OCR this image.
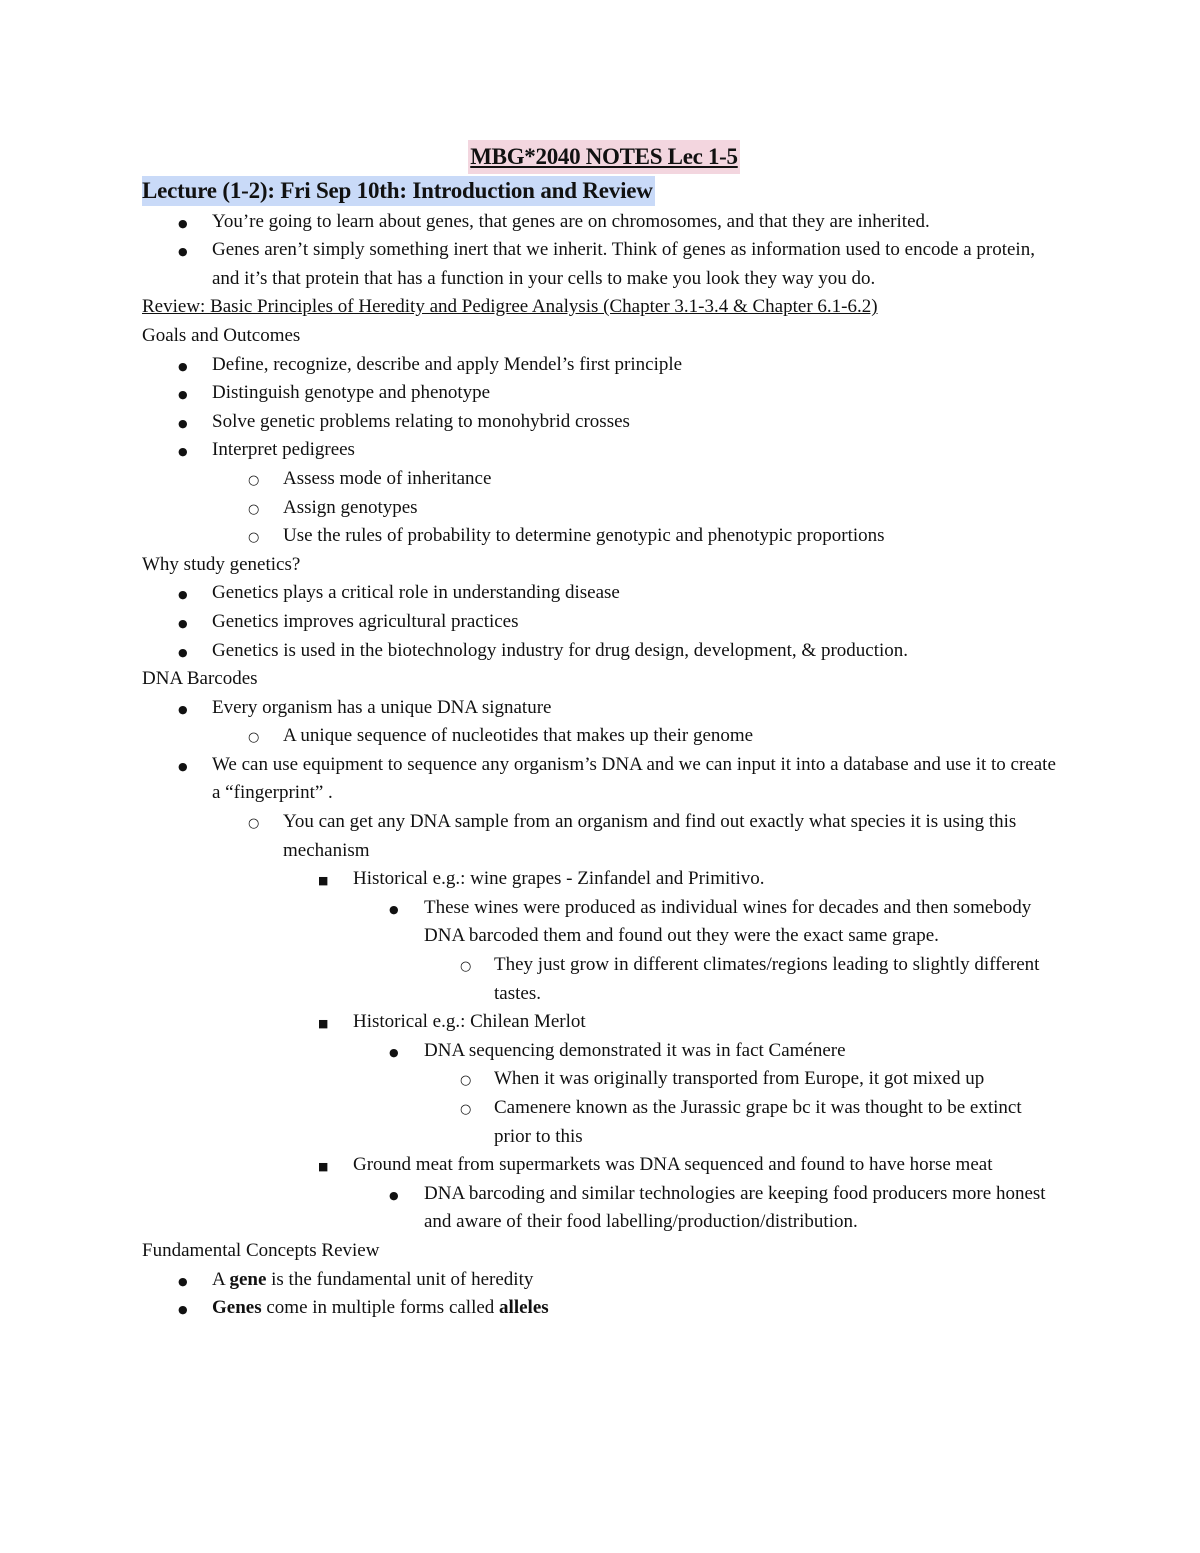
MBG*2040 NOTES Lec 1-5
Lecture (1-2): Fri Sep 10th: Introduction and Review
●
You’re going to learn about genes, that genes are on chromosomes, and that they are inherited.
●
Genes aren’t simply something inert that we inherit. Think of genes as information used to encode a protein, and it’s that protein that has a function in your cells to make you look they way you do.
Review: Basic Principles of Heredity and Pedigree Analysis (Chapter 3.1-3.4 & Chapter 6.1-6.2)
Goals and Outcomes
●
Define, recognize, describe and apply Mendel’s first principle
●
Distinguish genotype and phenotype
●
Solve genetic problems relating to monohybrid crosses
●
Interpret pedigrees
○
Assess mode of inheritance
○
Assign genotypes
○
Use the rules of probability to determine genotypic and phenotypic proportions
Why study genetics?
●
Genetics plays a critical role in understanding disease
●
Genetics improves agricultural practices
●
Genetics is used in the biotechnology industry for drug design, development, & production.
DNA Barcodes
●
Every organism has a unique DNA signature
○
A unique sequence of nucleotides that makes up their genome
●
We can use equipment to sequence any organism’s DNA and we can input it into a database and use it to create a “fingerprint” .
○
You can get any DNA sample from an organism and find out exactly what species it is using this mechanism
■
Historical e.g.: wine grapes - Zinfandel and Primitivo.
●
These wines were produced as individual wines for decades and then somebody DNA barcoded them and found out they were the exact same grape.
○
They just grow in different climates/regions leading to slightly different tastes.
■
Historical e.g.: Chilean Merlot
●
DNA sequencing demonstrated it was in fact Caménere
○
When it was originally transported from Europe, it got mixed up
○
Camenere known as the Jurassic grape bc it was thought to be extinct prior to this
■
Ground meat from supermarkets was DNA sequenced and found to have horse meat
●
DNA barcoding and similar technologies are keeping food producers more honest and aware of their food labelling/production/distribution.
Fundamental Concepts Review
●
A gene is the fundamental unit of heredity
●
Genes come in multiple forms called alleles
